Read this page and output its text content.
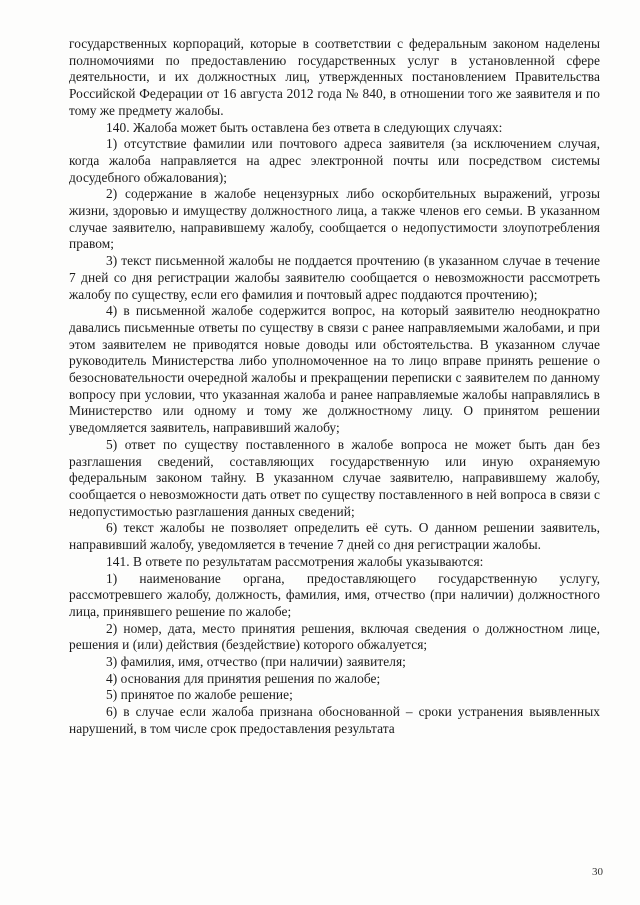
государственных корпораций, которые в соответствии с федеральным законом наделены полномочиями по предоставлению государственных услуг в установленной сфере деятельности, и их должностных лиц, утвержденных постановлением Правительства Российской Федерации от 16 августа 2012 года № 840, в отношении того же заявителя и по тому же предмету жалобы.

140. Жалоба может быть оставлена без ответа в следующих случаях:

1) отсутствие фамилии или почтового адреса заявителя (за исключением случая, когда жалоба направляется на адрес электронной почты или посредством системы досудебного обжалования);

2) содержание в жалобе нецензурных либо оскорбительных выражений, угрозы жизни, здоровью и имуществу должностного лица, а также членов его семьи. В указанном случае заявителю, направившему жалобу, сообщается о недопустимости злоупотребления правом;

3) текст письменной жалобы не поддается прочтению (в указанном случае в течение 7 дней со дня регистрации жалобы заявителю сообщается о невозможности рассмотреть жалобу по существу, если его фамилия и почтовый адрес поддаются прочтению);

4) в письменной жалобе содержится вопрос, на который заявителю неоднократно давались письменные ответы по существу в связи с ранее направляемыми жалобами, и при этом заявителем не приводятся новые доводы или обстоятельства. В указанном случае руководитель Министерства либо уполномоченное на то лицо вправе принять решение о безосновательности очередной жалобы и прекращении переписки с заявителем по данному вопросу при условии, что указанная жалоба и ранее направляемые жалобы направлялись в Министерство или одному и тому же должностному лицу. О принятом решении уведомляется заявитель, направивший жалобу;

5) ответ по существу поставленного в жалобе вопроса не может быть дан без разглашения сведений, составляющих государственную или иную охраняемую федеральным законом тайну. В указанном случае заявителю, направившему жалобу, сообщается о невозможности дать ответ по существу поставленного в ней вопроса в связи с недопустимостью разглашения данных сведений;

6) текст жалобы не позволяет определить её суть. О данном решении заявитель, направивший жалобу, уведомляется в течение 7 дней со дня регистрации жалобы.

141. В ответе по результатам рассмотрения жалобы указываются:

1) наименование органа, предоставляющего государственную услугу, рассмотревшего жалобу, должность, фамилия, имя, отчество (при наличии) должностного лица, принявшего решение по жалобе;

2) номер, дата, место принятия решения, включая сведения о должностном лице, решения и (или) действия (бездействие) которого обжалуется;

3) фамилия, имя, отчество (при наличии) заявителя;

4) основания для принятия решения по жалобе;

5) принятое по жалобе решение;

6) в случае если жалоба признана обоснованной – сроки устранения выявленных нарушений, в том числе срок предоставления результата

30
